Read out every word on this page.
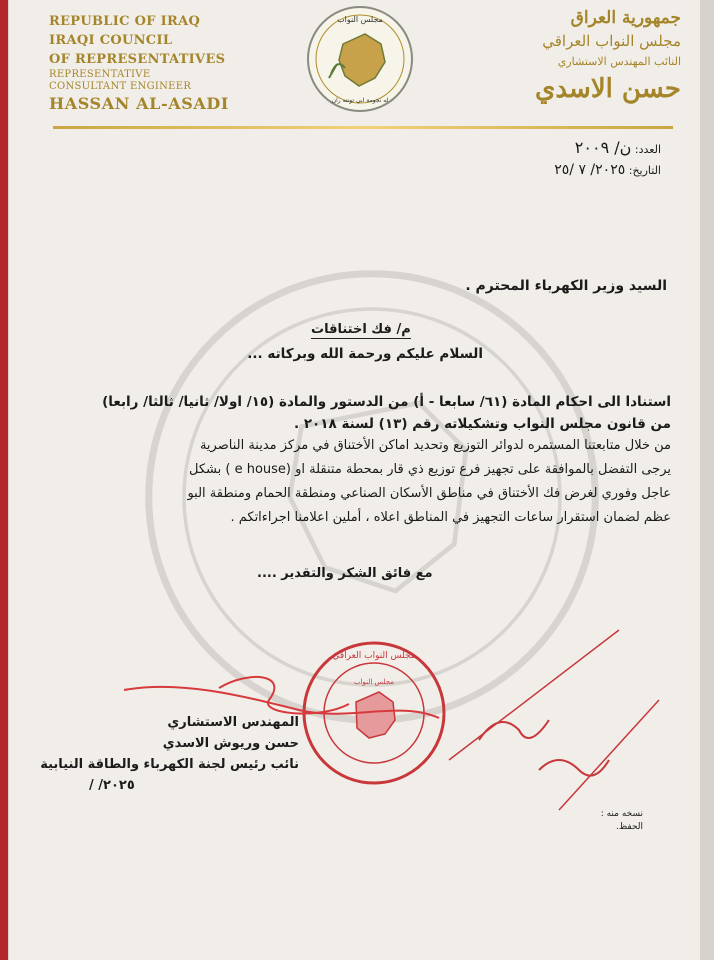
REPUBLIC OF IRAQ
IRAQI COUNCIL
OF REPRESENTATIVES
REPRESENTATIVE
CONSULTANT ENGINEER
HASSAN AL-ASADI
مجلس النواب
له نجومة ابي تونته ران
جمهورية العراق
مجلس النواب العراقي
النائب المهندس الاستشاري
حسن الاسدي
العدد: ن/ ٢٠٠٩
التاريخ: ٢٠٢٥/ ٧ /٢٥
السيد وزير الكهرباء المحترم .
م/ فك اختناقات
السلام عليكم ورحمة الله وبركاته ...
استنادا الى احكام المادة (٦١/ سابعا - أ) من الدستور والمادة (١٥/ اولا/ ثانيا/ ثالثا/ رابعا)
من قانون مجلس النواب وتشكيلاته رقم (١٣) لسنة ٢٠١٨ .
من خلال متابعتنا المستمره لدوائر التوزيع وتحديد اماكن الأختناق في مركز مدينة الناصرية
يرجى التفضل بالموافقة على تجهيز فرع توزيع ذي قار بمحطة متنقلة او (e house ) بشكل
عاجل وفوري لغرض فك الأختناق في مناطق الأسكان الصناعي ومنطقة الحمام ومنطقة البو
عظم لضمان استقرار ساعات التجهيز في المناطق اعلاه ، أملين اعلامنا اجراءاتكم .
مع فائق الشكر والتقدير ....
مجلس النواب العراقي
مجلس النواب
المهندس الاستشاري
حسن وريوش الاسدي
نائب رئيس لجنة الكهرباء والطاقة النيابية
٢٠٢٥/ /
نسخه منه :
الحفظ.
